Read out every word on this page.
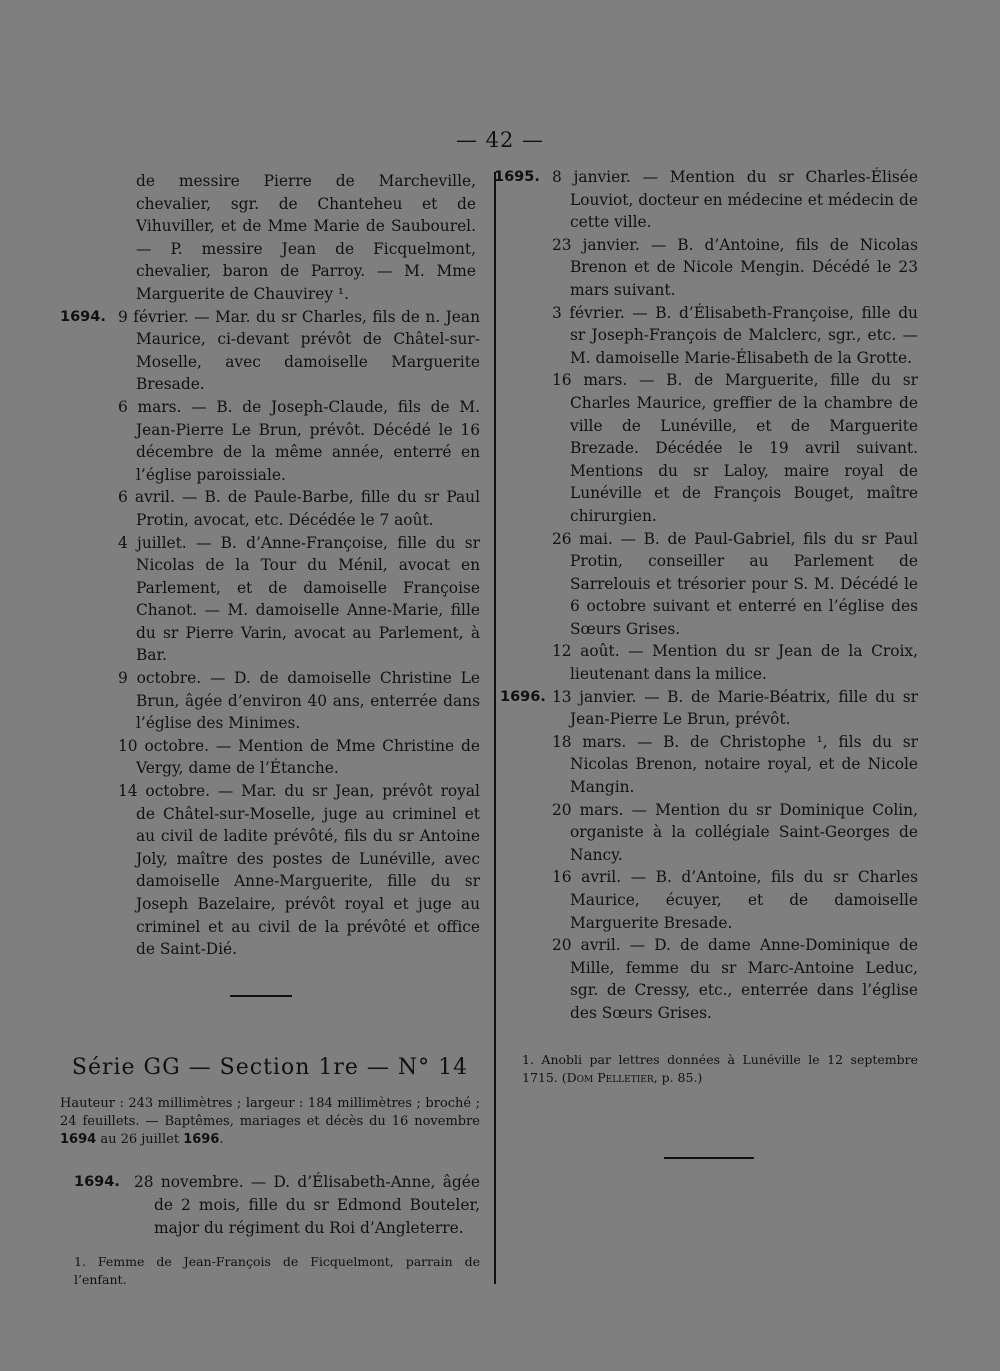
— 42 —
de messire Pierre de Marcheville, chevalier, sgr. de Chanteheu et de Vihuviller, et de Mme Marie de Saubourel. — P. messire Jean de Ficquelmont, chevalier, baron de Parroy. — M. Mme Marguerite de Chauvirey ¹.
1694. 9 février. — Mar. du sr Charles, fils de n. Jean Maurice, ci-devant prévôt de Châtel-sur-Moselle, avec damoiselle Marguerite Bresade.
6 mars. — B. de Joseph-Claude, fils de M. Jean-Pierre Le Brun, prévôt. Décédé le 16 décembre de la même année, enterré en l’église paroissiale.
6 avril. — B. de Paule-Barbe, fille du sr Paul Protin, avocat, etc. Décédée le 7 août.
4 juillet. — B. d’Anne-Françoise, fille du sr Nicolas de la Tour du Ménil, avocat en Parlement, et de damoiselle Françoise Chanot. — M. damoiselle Anne-Marie, fille du sr Pierre Varin, avocat au Parlement, à Bar.
9 octobre. — D. de damoiselle Christine Le Brun, âgée d’environ 40 ans, enterrée dans l’église des Minimes.
10 octobre. — Mention de Mme Christine de Vergy, dame de l’Étanche.
14 octobre. — Mar. du sr Jean, prévôt royal de Châtel-sur-Moselle, juge au criminel et au civil de ladite prévôté, fils du sr Antoine Joly, maître des postes de Lunéville, avec damoiselle Anne-Marguerite, fille du sr Joseph Bazelaire, prévôt royal et juge au criminel et au civil de la prévôté et office de Saint-Dié.
Série GG — Section 1re — N° 14
Hauteur : 243 millimètres ; largeur : 184 millimètres ; broché ; 24 feuillets. — Baptêmes, mariages et décès du 16 novembre 1694 au 26 juillet 1696.
1694. 28 novembre. — D. d’Élisabeth-Anne, âgée de 2 mois, fille du sr Edmond Bouteler, major du régiment du Roi d’Angleterre.
1. Femme de Jean-François de Ficquelmont, parrain de l’enfant.
1695. 8 janvier. — Mention du sr Charles-Élisée Louviot, docteur en médecine et médecin de cette ville.
23 janvier. — B. d’Antoine, fils de Nicolas Brenon et de Nicole Mengin. Décédé le 23 mars suivant.
3 février. — B. d’Élisabeth-Françoise, fille du sr Joseph-François de Malclerc, sgr., etc. — M. damoiselle Marie-Élisabeth de la Grotte.
16 mars. — B. de Marguerite, fille du sr Charles Maurice, greffier de la chambre de ville de Lunéville, et de Marguerite Brezade. Décédée le 19 avril suivant. Mentions du sr Laloy, maire royal de Lunéville et de François Bouget, maître chirurgien.
26 mai. — B. de Paul-Gabriel, fils du sr Paul Protin, conseiller au Parlement de Sarrelouis et trésorier pour S. M. Décédé le 6 octobre suivant et enterré en l’église des Sœurs Grises.
12 août. — Mention du sr Jean de la Croix, lieutenant dans la milice.
1696. 13 janvier. — B. de Marie-Béatrix, fille du sr Jean-Pierre Le Brun, prévôt.
18 mars. — B. de Christophe ¹, fils du sr Nicolas Brenon, notaire royal, et de Nicole Mangin.
20 mars. — Mention du sr Dominique Colin, organiste à la collégiale Saint-Georges de Nancy.
16 avril. — B. d’Antoine, fils du sr Charles Maurice, écuyer, et de damoiselle Marguerite Bresade.
20 avril. — D. de dame Anne-Dominique de Mille, femme du sr Marc-Antoine Leduc, sgr. de Cressy, etc., enterrée dans l’église des Sœurs Grises.
1. Anobli par lettres données à Lunéville le 12 septembre 1715. (Dom Pelletier, p. 85.)
